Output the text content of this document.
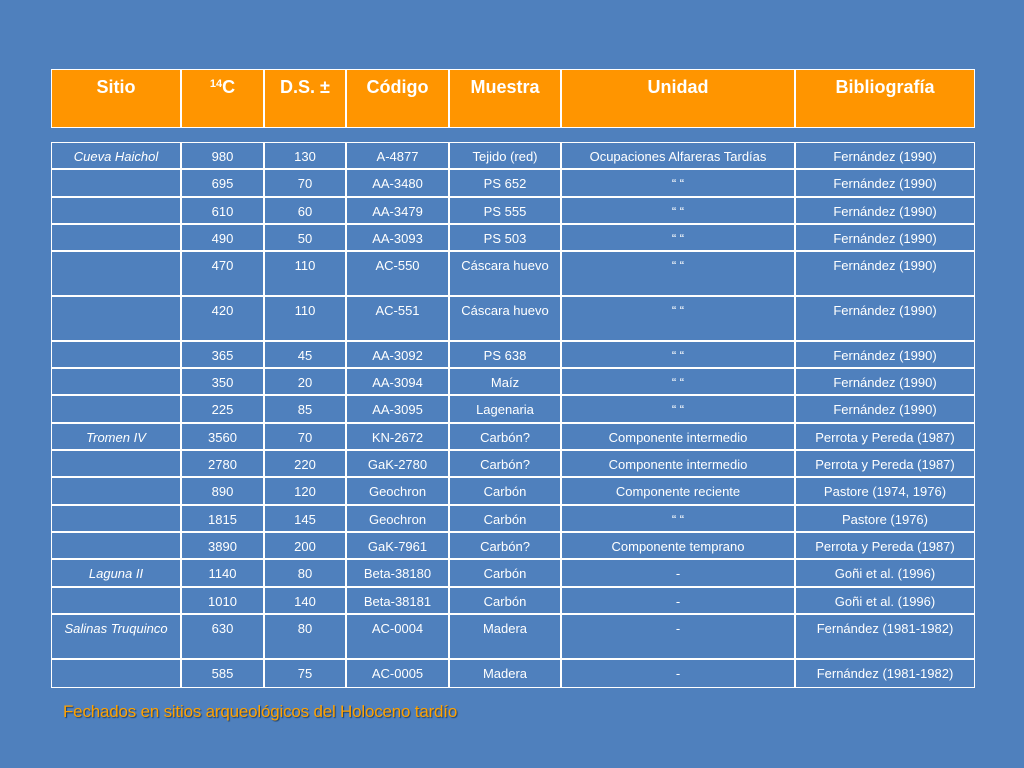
Sitio	$^{14}$C	D.S. ±	Código	Muestra	Unidad	Bibliografía
Cueva Haichol	980	130	A-4877	Tejido (red)	Ocupaciones Alfareras Tardías	Fernández (1990)
	695	70	AA-3480	PS 652	“ “	Fernández (1990)
	610	60	AA-3479	PS 555	“ “	Fernández (1990)
	490	50	AA-3093	PS 503	“ “	Fernández (1990)
	470	110	AC-550	Cáscara huevo	“ “	Fernández (1990)
	420	110	AC-551	Cáscara huevo	“ “	Fernández (1990)
	365	45	AA-3092	PS 638	“ “	Fernández (1990)
	350	20	AA-3094	Maíz	“ “	Fernández (1990)
	225	85	AA-3095	Lagenaria	“ “	Fernández (1990)
Tromen IV	3560	70	KN-2672	Carbón?	Componente intermedio	Perrota y Pereda (1987)
	2780	220	GaK-2780	Carbón?	Componente intermedio	Perrota y Pereda (1987)
	890	120	Geochron	Carbón	Componente reciente	Pastore (1974, 1976)
	1815	145	Geochron	Carbón	“ “	Pastore (1976)
	3890	200	GaK-7961	Carbón?	Componente temprano	Perrota y Pereda (1987)
Laguna II	1140	80	Beta-38180	Carbón	-	Goñi et al. (1996)
	1010	140	Beta-38181	Carbón	-	Goñi et al. (1996)
Salinas Truquinco	630	80	AC-0004	Madera	-	Fernández (1981-1982)
	585	75	AC-0005	Madera	-	Fernández (1981-1982)
Fechados en sitios arqueológicos del Holoceno tardío
